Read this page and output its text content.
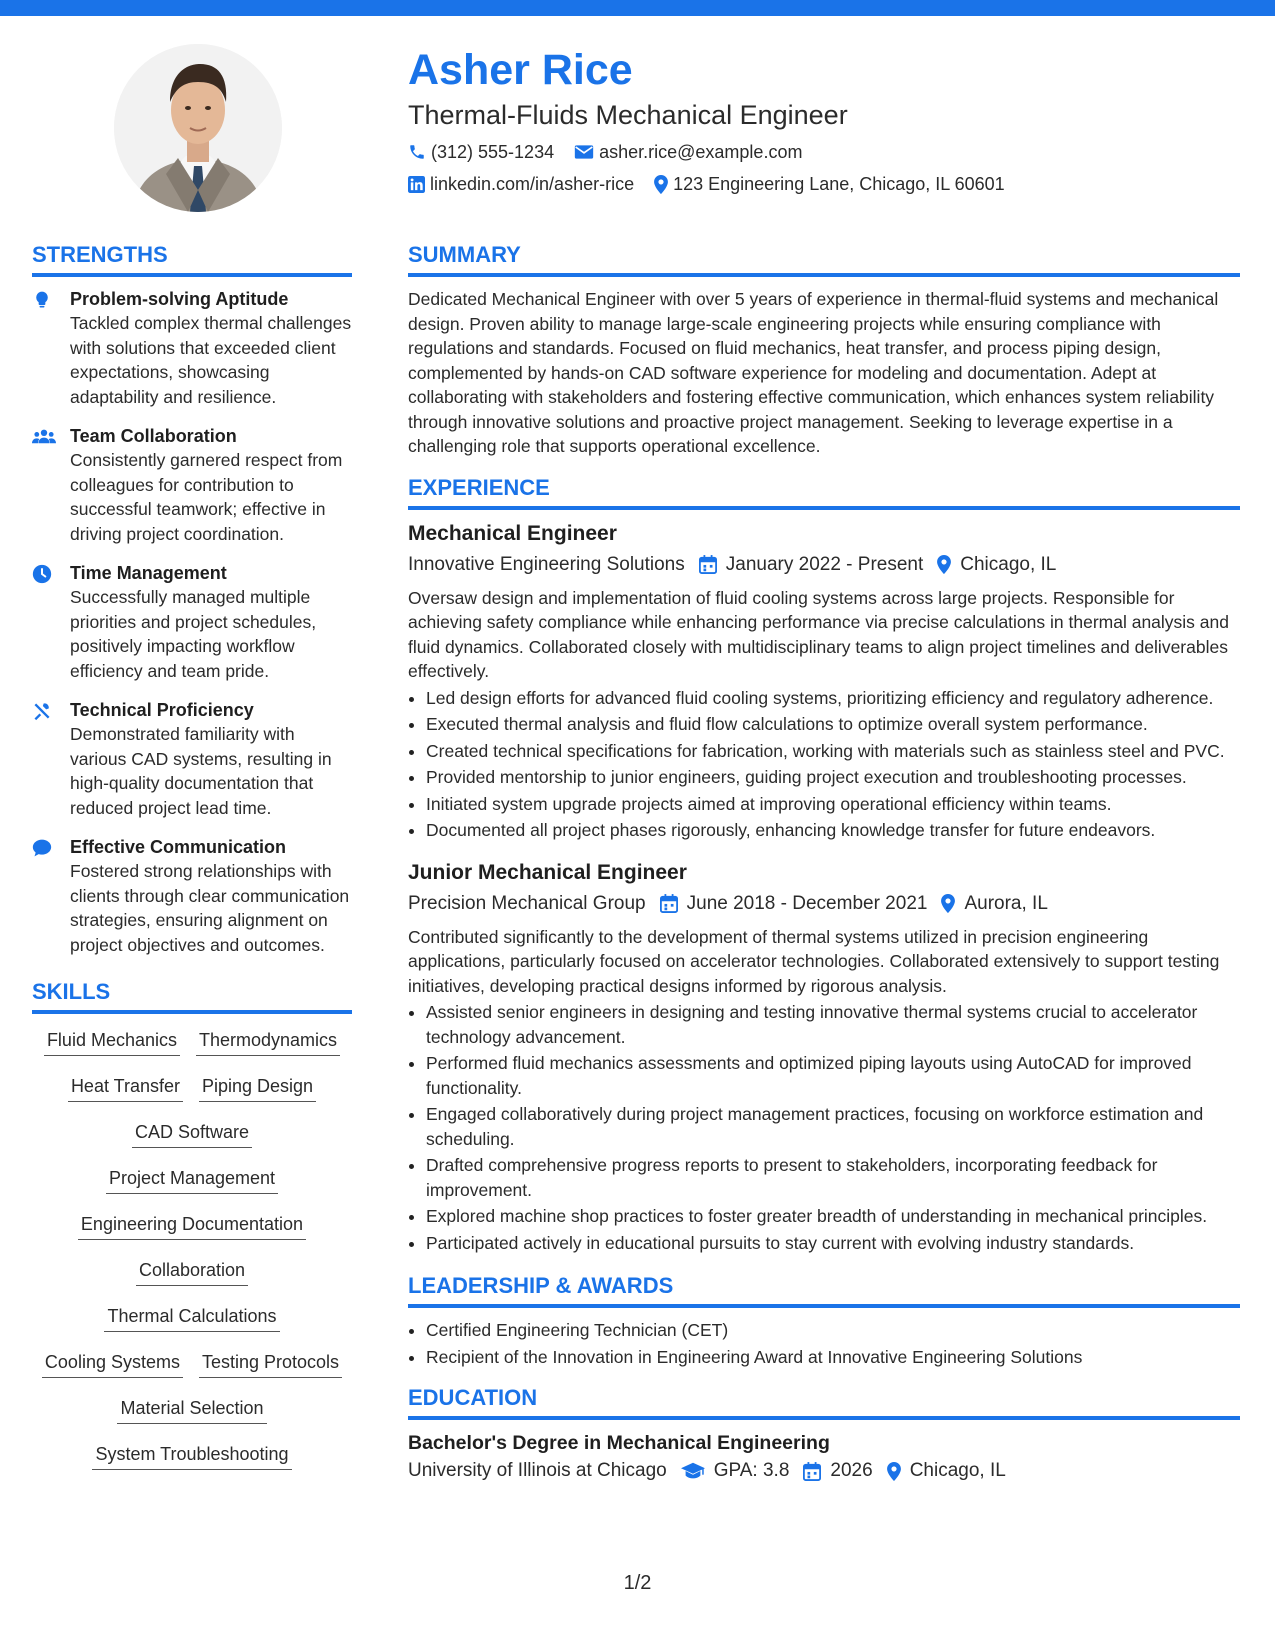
Asher Rice
Thermal-Fluids Mechanical Engineer
(312) 555-1234	asher.rice@example.com
linkedin.com/in/asher-rice 123 Engineering Lane, Chicago, IL 60601
STRENGTHS
Problem-solving Aptitude
Tackled complex thermal challenges with solutions that exceeded client expectations, showcasing adaptability and resilience.
Team Collaboration
Consistently garnered respect from colleagues for contribution to successful teamwork; effective in driving project coordination.
Time Management
Successfully managed multiple priorities and project schedules, positively impacting workflow efficiency and team pride.
Technical Proficiency
Demonstrated familiarity with various CAD systems, resulting in high-quality documentation that reduced project lead time.
Effective Communication
Fostered strong relationships with clients through clear communication strategies, ensuring alignment on project objectives and outcomes.
SKILLS
Fluid Mechanics Thermodynamics
Heat Transfer Piping Design
CAD Software
Project Management
Engineering Documentation
Collaboration
Thermal Calculations
Cooling Systems Testing Protocols
Material Selection
System Troubleshooting
SUMMARY
Dedicated Mechanical Engineer with over 5 years of experience in thermal-fluid systems and mechanical design. Proven ability to manage large-scale engineering projects while ensuring compliance with regulations and standards. Focused on fluid mechanics, heat transfer, and process piping design, complemented by hands-on CAD software experience for modeling and documentation. Adept at collaborating with stakeholders and fostering effective communication, which enhances system reliability through innovative solutions and proactive project management. Seeking to leverage expertise in a challenging role that supports operational excellence.
EXPERIENCE
Mechanical Engineer
Innovative Engineering Solutions January 2022 - Present Chicago, IL
Oversaw design and implementation of fluid cooling systems across large projects. Responsible for achieving safety compliance while enhancing performance via precise calculations in thermal analysis and fluid dynamics. Collaborated closely with multidisciplinary teams to align project timelines and deliverables effectively.
• Led design efforts for advanced fluid cooling systems, prioritizing efficiency and regulatory adherence.
• Executed thermal analysis and fluid flow calculations to optimize overall system performance.
• Created technical specifications for fabrication, working with materials such as stainless steel and PVC.
• Provided mentorship to junior engineers, guiding project execution and troubleshooting processes.
• Initiated system upgrade projects aimed at improving operational efficiency within teams.
• Documented all project phases rigorously, enhancing knowledge transfer for future endeavors.
Junior Mechanical Engineer
Precision Mechanical Group June 2018 - December 2021 Aurora, IL
Contributed significantly to the development of thermal systems utilized in precision engineering applications, particularly focused on accelerator technologies. Collaborated extensively to support testing initiatives, developing practical designs informed by rigorous analysis.
• Assisted senior engineers in designing and testing innovative thermal systems crucial to accelerator technology advancement.
• Performed fluid mechanics assessments and optimized piping layouts using AutoCAD for improved functionality.
• Engaged collaboratively during project management practices, focusing on workforce estimation and scheduling.
• Drafted comprehensive progress reports to present to stakeholders, incorporating feedback for improvement.
• Explored machine shop practices to foster greater breadth of understanding in mechanical principles.
• Participated actively in educational pursuits to stay current with evolving industry standards.
LEADERSHIP & AWARDS
• Certified Engineering Technician (CET)
• Recipient of the Innovation in Engineering Award at Innovative Engineering Solutions
EDUCATION
Bachelor's Degree in Mechanical Engineering
University of Illinois at Chicago GPA: 3.8 2026 Chicago, IL
1/2
